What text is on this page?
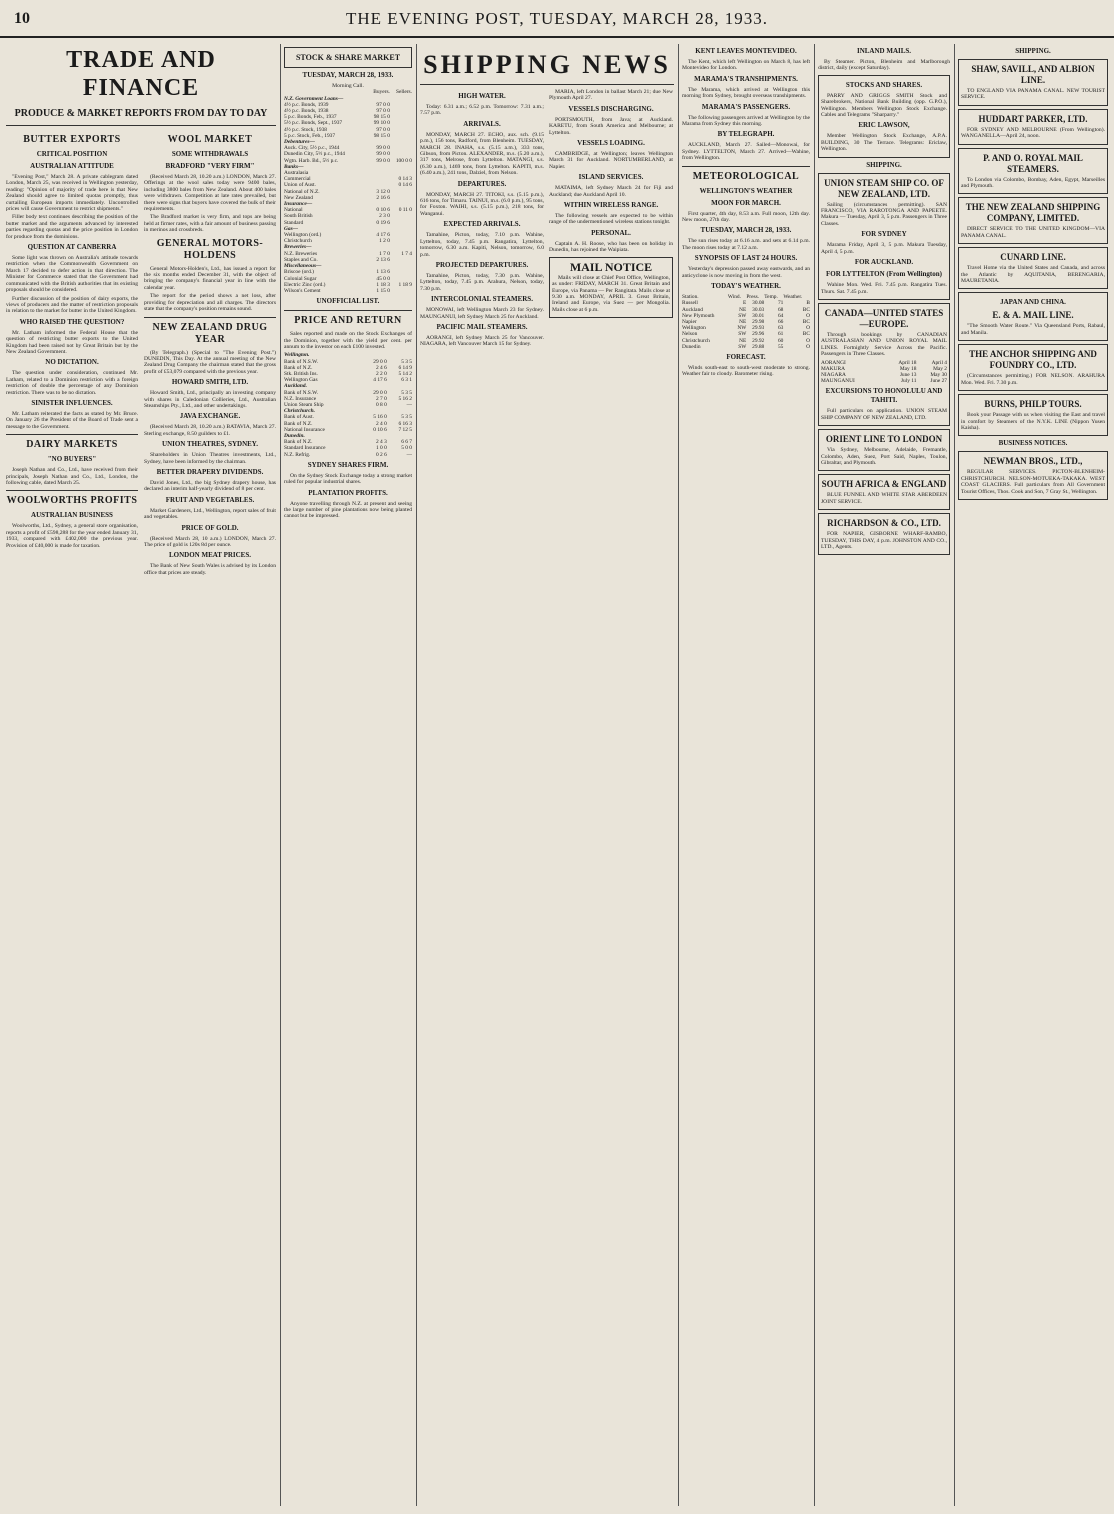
10	THE EVENING POST, TUESDAY, MARCH 28, 1933.
TRADE AND FINANCE
PRODUCE & MARKET REPORTS FROM DAY TO DAY
BUTTER EXPORTS
CRITICAL POSITION
AUSTRALIAN ATTITUDE

"Evening Post," March 28. A private cablegram dated London, March 25, was received in Wellington yesterday, reading: "Opinion of majority of trade here is that New Zealand should agree to limited quotas promptly, thus curtailing European imports immediately. Uncontrolled prices will cause Government to restrict shipments."

Filler body text continues describing the position of the butter market and the arguments advanced by interested parties regarding quotas and the price position in London for produce from the dominions.

QUESTION AT CANBERRA

Some light was thrown on Australia's attitude towards restriction when the Commonwealth Government on March 17 decided to defer action in that direction. The Minister for Commerce stated that the Government had communicated with the British authorities that its existing proposals should be considered.

Further discussion of the position of dairy exports, the views of producers and the matter of restriction proposals in relation to the market for butter in the United Kingdom.

WHO RAISED THE QUESTION?

Mr. Latham informed the Federal House that the question of restricting butter exports to the United Kingdom had been raised not by Great Britain but by the New Zealand Government.

NO DICTATION.

The question under consideration, continued Mr. Latham, related to a Dominion restriction with a foreign restriction of double the percentage of any Dominion restriction. There was to be no dictation.

SINISTER INFLUENCES.

Mr. Latham reiterated the facts as stated by Mr. Bruce. On January 26 the President of the Board of Trade sent a message to the Government.

DAIRY MARKETS
"NO BUYERS"

Joseph Nathan and Co., Ltd., have received from their principals, Joseph Nathan and Co., Ltd., London, the following cable, dated March 25.

WOOLWORTHS PROFITS
AUSTRALIAN BUSINESS

Woolworths, Ltd., Sydney, a general store organisation, reports a profit of £598,288 for the year ended January 31, 1933, compared with £402,000 the previous year. Provision of £40,000 is made for taxation.

WOOL MARKET
SOME WITHDRAWALS
BRADFORD "VERY FIRM"

(Received March 28, 10.20 a.m.) LONDON, March 27. Offerings at the wool sales today were 9400 bales, including 3800 bales from New Zealand. About 400 bales were withdrawn. Competition at late rates prevailed, but there were signs that buyers have covered the bulk of their requirements.

The Bradford market is very firm, and tops are being held at firmer rates, with a fair amount of business passing in merinos and crossbreds.

GENERAL MOTORS-HOLDENS

General Motors-Holden's, Ltd., has issued a report for the six months ended December 31, with the object of bringing the company's financial year in line with the calendar year.

The report for the period shows a net loss, after providing for depreciation and all charges. The directors state that the company's position remains sound.

NEW ZEALAND DRUG YEAR

(By Telegraph.) (Special to "The Evening Post.") DUNEDIN, This Day. At the annual meeting of the New Zealand Drug Company the chairman stated that the gross profit of £53,079 compared with the previous year.

HOWARD SMITH, LTD.

Howard Smith, Ltd., principally an investing company with shares in Caledonian Collieries, Ltd., Australian Steamships Pty., Ltd., and other undertakings.

JAVA EXCHANGE.

(Received March 28, 10.20 a.m.) BATAVIA, March 27. Sterling exchange, 8.50 guilders to £1.

UNION THEATRES, SYDNEY.

Shareholders in Union Theatres investments, Ltd., Sydney, have been informed by the chairman.

BETTER DRAPERY DIVIDENDS.

David Jones, Ltd., the big Sydney drapery house, has declared an interim half-yearly dividend of 8 per cent.

FRUIT AND VEGETABLES.

Market Gardeners, Ltd., Wellington, report sales of fruit and vegetables.

PRICE OF GOLD.

(Received March 28, 10 a.m.) LONDON, March 27. The price of gold is 120s 8d per ounce.

LONDON MEAT PRICES.

The Bank of New South Wales is advised by its London office that prices are steady.

STOCK & SHARE MARKET
TUESDAY, MARCH 28, 1933.
Morning Call.
	Buyers.	Sellers.
N.Z. Government Loans—		
4½ p.c. Bonds, 1939	97 0 0	
4½ p.c. Bonds, 1938	97 0 0	
5 p.c. Bonds, Feb., 1937	98 15 0	
5½ p.c. Bonds, Sept., 1937	99 10 0	
4½ p.c. Stock, 1938	97 0 0	
5 p.c. Stock, Feb., 1937	98 15 0	
Debentures—		
Auck. City, 5½ p.c., 1944	99 0 0	
Dunedin City, 5½ p.c., 1944	99 0 0	
Wgtn. Harb. Bd., 5½ p.c.	99 0 0	100 0 0
Banks—		
Australasia		
Commercial		0 14 3
Union of Aust.		0 14 6
National of N.Z.	3 12 0	
New Zealand	2 16 6	
Insurance—		
National	0 10 6	0 11 0
South British	2 3 0	
Standard	0 19 6	
Gas—		
Wellington (ord.)	4 17 6	
Christchurch	1 2 0	
Breweries—		
N.Z. Breweries	1 7 0	1 7 4
Staples and Co.	2 13 6	
Miscellaneous—		
Briscoe (ord.)	1 13 6	
Colonial Sugar	45 0 0	
Electric Zinc (ord.)	1 18 3	1 18 9
Wilson's Cement	1 15 0	
UNOFFICIAL LIST.
PRICE AND RETURN

Sales reported and made on the Stock Exchanges of the Dominion, together with the yield per cent. per annum to the investor on each £100 invested.

Wellington.		
Bank of N.S.W.	29 0 0	5 3 5
Bank of N.Z.	2 4 6	6 14 9
Stk. British Ins.	2 2 0	5 14 2
Wellington Gas	4 17 6	6 3 1
Auckland.		
Bank of N.S.W.	29 0 0	5 3 5
N.Z. Insurance	2 7 0	5 16 2
Union Steam Ship	0 8 0	—
Christchurch.		
Bank of Aust.	5 16 0	5 3 5
Bank of N.Z.	2 4 0	6 16 3
National Insurance	0 10 6	7 12 5
Dunedin.		
Bank of N.Z.	2 4 3	6 6 7
Standard Insurance	1 0 0	5 0 0
N.Z. Refrig.	0 2 6	—
SYDNEY SHARES FIRM.

On the Sydney Stock Exchange today a strong market ruled for popular industrial shares.

PLANTATION PROFITS.

Anyone travelling through N.Z. at present and seeing the large number of pine plantations now being planted cannot but be impressed.

SHIPPING NEWS
HIGH WATER.

Today: 6.31 a.m.; 6.52 p.m. Tomorrow: 7.31 a.m.; 7.57 p.m.

ARRIVALS.

MONDAY, MARCH 27. ECHO, aux. sch. (9.15 p.m.), 156 tons, Radford, from Blenheim. TUESDAY, MARCH 28. INAHA, s.s. (5.15 a.m.), 333 tons, Gibson, from Picton. ALEXANDER, m.s. (5.20 a.m.), 317 tons, Melrose, from Lyttelton. MATANGI, s.s. (6.30 a.m.), 1469 tons, from Lyttelton. KAPITI, m.s. (6.40 a.m.), 241 tons, Dalziel, from Nelson.

DEPARTURES.

MONDAY, MARCH 27. TITOKI, s.s. (5.15 p.m.), 616 tons, for Timaru. TAINUI, m.s. (6.0 p.m.), 95 tons, for Foxton. WAIHI, s.s. (5.15 p.m.), 218 tons, for Wanganui.

EXPECTED ARRIVALS.

Tamahine, Picton, today, 7.10 p.m. Wahine, Lyttelton, today, 7.45 p.m. Rangatira, Lyttelton, tomorrow, 6.30 a.m. Kapiti, Nelson, tomorrow, 6.0 p.m.

PROJECTED DEPARTURES.

Tamahine, Picton, today, 7.30 p.m. Wahine, Lyttelton, today, 7.45 p.m. Arahura, Nelson, today, 7.30 p.m.

INTERCOLONIAL STEAMERS.

MONOWAI, left Wellington March 23 for Sydney. MAUNGANUI, left Sydney March 25 for Auckland.

PACIFIC MAIL STEAMERS.

AORANGI, left Sydney March 25 for Vancouver. NIAGARA, left Vancouver March 15 for Sydney.

MARIA, left London in ballast March 21; due New Plymouth April 27.

VESSELS DISCHARGING.

PORTSMOUTH, from Java; at Auckland. KARETU, from South America and Melbourne; at Lyttelton.

VESSELS LOADING.

CAMBRIDGE, at Wellington; leaves Wellington March 31 for Auckland. NORTUMBERLAND, at Napier.

ISLAND SERVICES.

MATAIMA, left Sydney March 24 for Fiji and Auckland; due Auckland April 10.

WITHIN WIRELESS RANGE.

The following vessels are expected to be within range of the undermentioned wireless stations tonight.

PERSONAL.

Captain A. H. Roose, who has been on holiday in Dunedin, has rejoined the Waipiata.

MAIL NOTICE

Mails will close at Chief Post Office, Wellington, as under: FRIDAY, MARCH 31. Great Britain and Europe, via Panama — Per Rangitata. Mails close at 9.30 a.m. MONDAY, APRIL 3. Great Britain, Ireland and Europe, via Suez — per Mongolia. Mails close at 6 p.m.

KENT LEAVES MONTEVIDEO.

The Kent, which left Wellington on March 8, has left Montevideo for London.

MARAMA'S TRANSHIPMENTS.

The Marama, which arrived at Wellington this morning from Sydney, brought overseas transhipments.

MARAMA'S PASSENGERS.

The following passengers arrived at Wellington by the Marama from Sydney this morning.

BY TELEGRAPH.

AUCKLAND, March 27. Sailed—Monowai, for Sydney. LYTTELTON, March 27. Arrived—Wahine, from Wellington.

METEOROLOGICAL
WELLINGTON'S WEATHER
MOON FOR MARCH.

First quarter, 4th day, 8.53 a.m. Full moon, 12th day. New moon, 27th day.

TUESDAY, MARCH 28, 1933.

The sun rises today at 6.16 a.m. and sets at 6.14 p.m. The moon rises today at 7.12 a.m.

SYNOPSIS OF LAST 24 HOURS.

Yesterday's depression passed away eastwards, and an anticyclone is now moving in from the west.

TODAY'S WEATHER.
Station.	Wind.	Press.	Temp.	Weather.
Russell	E	30.08	71	B
Auckland	NE	30.03	68	BC
New Plymouth	SW	30.01	64	O
Napier	NE	29.98	66	BC
Wellington	NW	29.93	63	O
Nelson	SW	29.96	61	BC
Christchurch	NE	29.92	60	O
Dunedin	SW	29.88	55	O
FORECAST.

Winds south-east to south-west moderate to strong. Weather fair to cloudy. Barometer rising.

INLAND MAILS.

By Steamer. Picton, Blenheim and Marlborough district, daily (except Saturday).

STOCKS AND SHARES.

PARRY AND GRIGGS SMITH Stock and Sharebrokers, National Bank Building (opp. G.P.O.), Wellington. Members Wellington Stock Exchange. Cables and Telegrams "Sharparry."

ERIC LAWSON,

Member Wellington Stock Exchange, A.P.A. BUILDING, 30 The Terrace. Telegrams: Ericlaw, Wellington.

SHIPPING.
UNION STEAM SHIP CO. OF NEW ZEALAND, LTD.

Sailing (circumstances permitting). SAN FRANCISCO, VIA RAROTONGA AND PAPEETE. Makura — Tuesday, April 3, 5 p.m. Passengers in Three Classes.

FOR SYDNEY

Marama Friday, April 3, 5 p.m. Makura Tuesday, April 4, 5 p.m.

FOR AUCKLAND.
FOR LYTTELTON (From Wellington)

Wahine Mon. Wed. Fri. 7.45 p.m. Rangatira Tues. Thurs. Sat. 7.45 p.m.

CANADA—UNITED STATES—EUROPE.

Through bookings by CANADIAN AUSTRALASIAN AND UNION ROYAL MAIL LINES. Fortnightly Service Across the Pacific. Passengers in Three Classes.

AORANGI	April 18	April 4
MAKURA	May 18	May 2
NIAGARA	June 13	May 30
MAUNGANUI	July 11	June 27
EXCURSIONS TO HONOLULU AND TAHITI.

Full particulars on application. UNION STEAM SHIP COMPANY OF NEW ZEALAND, LTD.

ORIENT LINE TO LONDON

Via Sydney, Melbourne, Adelaide, Fremantle, Colombo, Aden, Suez, Port Said, Naples, Toulon, Gibraltar, and Plymouth.

SOUTH AFRICA & ENGLAND

BLUE FUNNEL AND WHITE STAR ABERDEEN JOINT SERVICE.

RICHARDSON & CO., LTD.

FOR NAPIER, GISBORNE WHARF-RAMBO, TUESDAY, THIS DAY, 4 p.m. JOHNSTON AND CO., LTD., Agents.

SHIPPING.
SHAW, SAVILL, AND ALBION LINE.

TO ENGLAND VIA PANAMA CANAL. NEW TOURIST SERVICE.

HUDDART PARKER, LTD.

FOR SYDNEY AND MELBOURNE (From Wellington). WANGANELLA—April 24, noon.

P. AND O. ROYAL MAIL STEAMERS.

To London via Colombo, Bombay, Aden, Egypt, Marseilles and Plymouth.

THE NEW ZEALAND SHIPPING COMPANY, LIMITED.

DIRECT SERVICE TO THE UNITED KINGDOM—VIA PANAMA CANAL.

CUNARD LINE.

Travel Home via the United States and Canada, and across the Atlantic by AQUITANIA, BERENGARIA, MAURETANIA.

JAPAN AND CHINA.
E. & A. MAIL LINE.

"The Smooth Water Route." Via Queensland Ports, Rabaul, and Manila.

THE ANCHOR SHIPPING AND FOUNDRY CO., LTD.

(Circumstances permitting.) FOR NELSON. ARAHURA Mon. Wed. Fri. 7.30 p.m.

BURNS, PHILP TOURS.

Book your Passage with us when visiting the East and travel in comfort by Steamers of the N.Y.K. LINE (Nippon Yusen Kaisha).

BUSINESS NOTICES.
NEWMAN BROS., LTD.,

REGULAR SERVICES. PICTON-BLENHEIM-CHRISTCHURCH. NELSON-MOTUEKA-TAKAKA. WEST COAST GLACIERS. Full particulars from All Government Tourist Offices, Thos. Cook and Son, 7 Gray St., Wellington.
